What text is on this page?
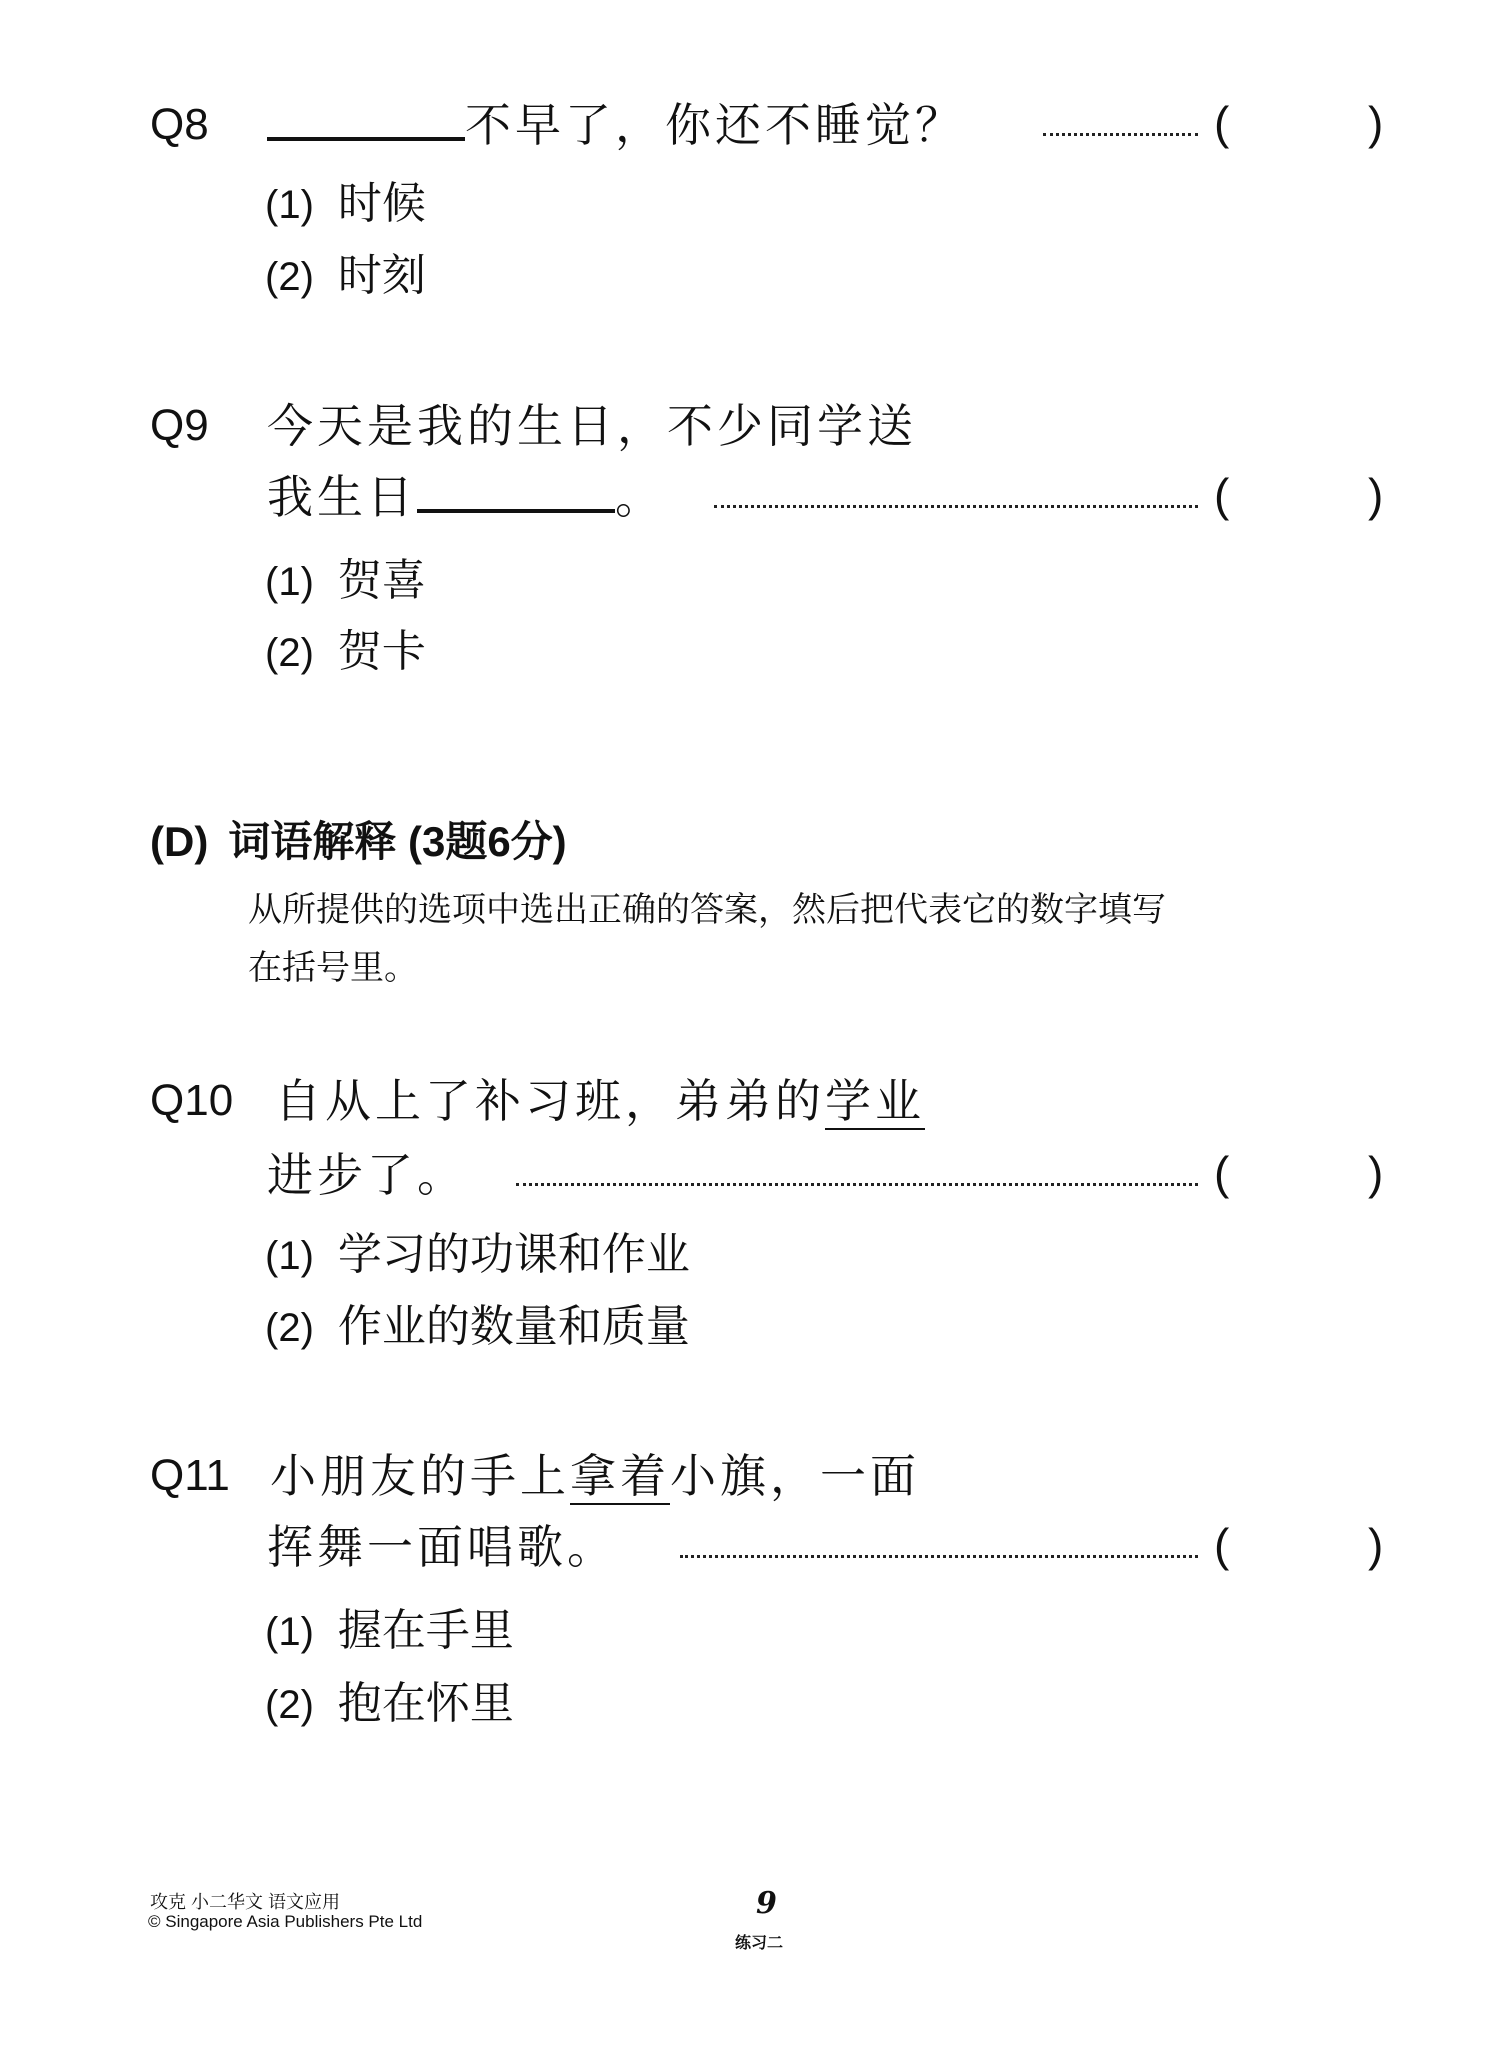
Q8	不早了，你还不睡觉？	(	)
(1) 时候
(2) 时刻
Q9 今天是我的生日，不少同学送
我生日	。	(	)
(1) 贺喜
(2) 贺卡
(D) 词语解释 (3题6分)
从所提供的选项中选出正确的答案，然后把代表它的数字填写
在括号里。
Q10 自从上了补习班，弟弟的学业
进步了。	(	)
(1) 学习的功课和作业
(2) 作业的数量和质量
Q11 小朋友的手上拿着小旗，一面
挥舞一面唱歌。	(	)
(1) 握在手里
(2) 抱在怀里
攻克 小二华文 语文应用
© Singapore Asia Publishers Pte Ltd
9
练习二
